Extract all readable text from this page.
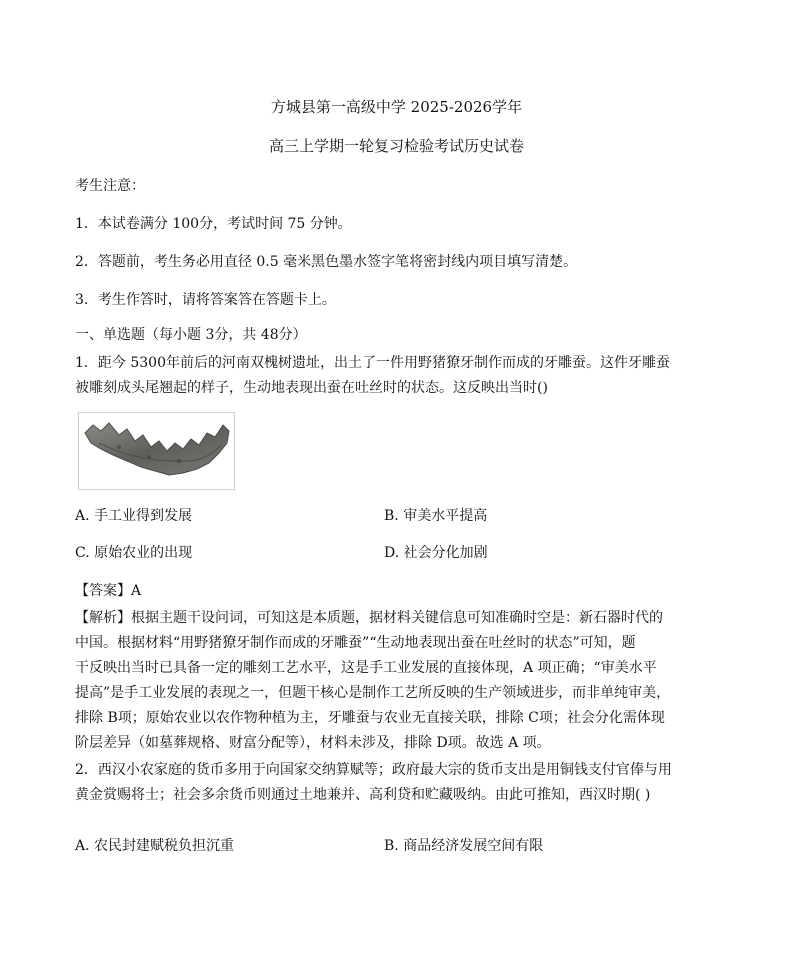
方城县第一高级中学 2025-2026学年
高三上学期一轮复习检验考试历史试卷
考生注意：
1．本试卷满分 100分，考试时间 75 分钟。
2．答题前，考生务必用直径 0.5 毫米黑色墨水签字笔将密封线内项目填写清楚。
3．考生作答时，请将答案答在答题卡上。
一、单选题（每小题 3分，共 48分）
1．距今 5300年前后的河南双槐树遗址，出土了一件用野猪獠牙制作而成的牙雕蚕。这件牙雕蚕
被雕刻成头尾翘起的样子，生动地表现出蚕在吐丝时的状态。这反映出当时()
A. 手工业得到发展	B. 审美水平提高
C. 原始农业的出现	D. 社会分化加剧
【答案】A
【解析】根据主题干设问词，可知这是本质题，据材料关键信息可知准确时空是：新石器时代的
中国。根据材料“用野猪獠牙制作而成的牙雕蚕”“生动地表现出蚕在吐丝时的状态”可知，题
干反映出当时已具备一定的雕刻工艺水平，这是手工业发展的直接体现，A 项正确；“审美水平
提高”是手工业发展的表现之一，但题干核心是制作工艺所反映的生产领域进步，而非单纯审美，
排除 B项；原始农业以农作物种植为主，牙雕蚕与农业无直接关联，排除 C项；社会分化需体现
阶层差异（如墓葬规格、财富分配等），材料未涉及，排除 D项。故选 A 项。
2．西汉小农家庭的货币多用于向国家交纳算赋等；政府最大宗的货币支出是用铜钱支付官俸与用
黄金赏赐将士；社会多余货币则通过土地兼并、高利贷和贮藏吸纳。由此可推知，西汉时期( )
A. 农民封建赋税负担沉重	B. 商品经济发展空间有限
